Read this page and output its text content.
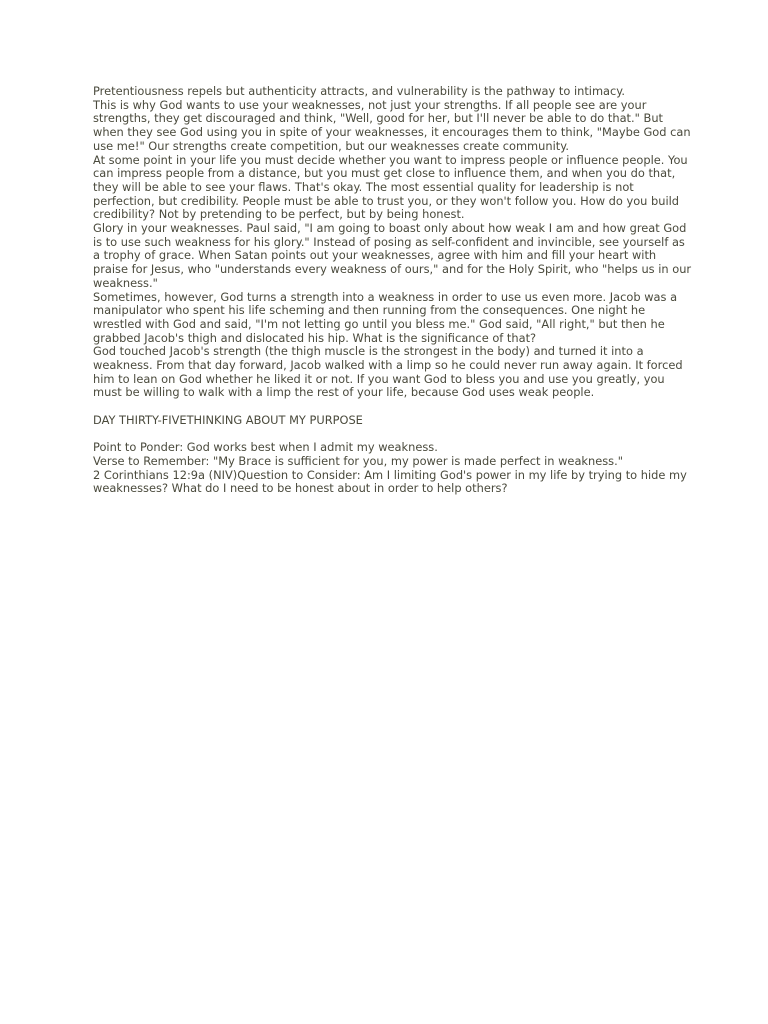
Pretentiousness repels but authenticity attracts, and vulnerability is the pathway to intimacy.

This is why God wants to use your weaknesses, not just your strengths. If all people see are your strengths, they get discouraged and think, "Well, good for her, but I'll never be able to do that." But when they see God using you in spite of your weaknesses, it encourages them to think, "Maybe God can use me!" Our strengths create competition, but our weaknesses create community.

At some point in your life you must decide whether you want to impress people or influence people. You can impress people from a distance, but you must get close to influence them, and when you do that, they will be able to see your flaws. That's okay. The most essential quality for leadership is not perfection, but credibility. People must be able to trust you, or they won't follow you. How do you build credibility? Not by pretending to be perfect, but by being honest.

Glory in your weaknesses. Paul said, "I am going to boast only about how weak I am and how great God is to use such weakness for his glory." Instead of posing as self-confident and invincible, see yourself as a trophy of grace. When Satan points out your weaknesses, agree with him and fill your heart with praise for Jesus, who "understands every weakness of ours," and for the Holy Spirit, who "helps us in our weakness."

Sometimes, however, God turns a strength into a weakness in order to use us even more. Jacob was a manipulator who spent his life scheming and then running from the consequences. One night he wrestled with God and said, "I'm not letting go until you bless me." God said, "All right," but then he grabbed Jacob's thigh and dislocated his hip. What is the significance of that?

God touched Jacob's strength (the thigh muscle is the strongest in the body) and turned it into a weakness. From that day forward, Jacob walked with a limp so he could never run away again. It forced him to lean on God whether he liked it or not. If you want God to bless you and use you greatly, you must be willing to walk with a limp the rest of your life, because God uses weak people.

DAY THIRTY-FIVETHINKING ABOUT MY PURPOSE

Point to Ponder: God works best when I admit my weakness.

Verse to Remember: "My Brace is sufficient for you, my power is made perfect in weakness."

2 Corinthians 12:9a (NIV)Question to Consider: Am I limiting God's power in my life by trying to hide my weaknesses? What do I need to be honest about in order to help others?
